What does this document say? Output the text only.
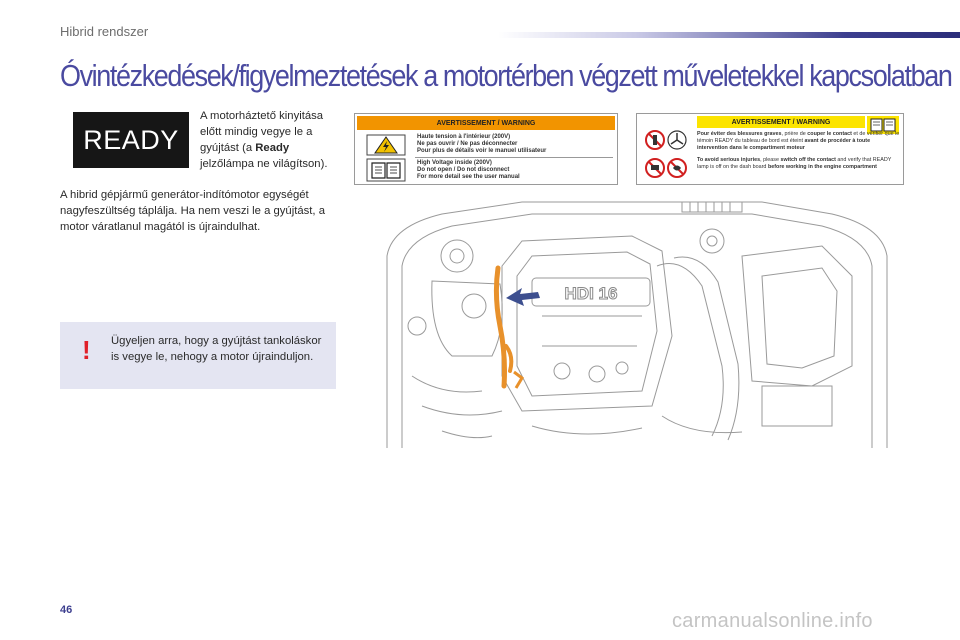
Hibrid rendszer
Óvintézkedések/figyelmeztetések a motortérben végzett műveletekkel kapcsolatban
READY

A motorháztető kinyitása előtt mindig vegye le a gyújtást (a Ready jelzőlámpa ne világítson).

A hibrid gépjármű generátor-indítómotor egységét nagyfeszültség táplálja. Ha nem veszi le a gyújtást, a motor váratlanul magától is újraindulhat.

! Ügyeljen arra, hogy a gyújtást tankoláskor is vegye le, nehogy a motor újrainduljon.

AVERTISSEMENT / WARNING
Haute tension à l'intérieur (200V)
Ne pas ouvrir / Ne pas déconnecter
Pour plus de détails voir le manuel utilisateur
High Voltage inside (200V)
Do not open / Do not disconnect
For more detail see the user manual
AVERTISSEMENT / WARNING

Pour éviter des blessures graves, prière de couper le contact et de vérifier que le témoin READY du tableau de bord est éteint avant de procéder à toute intervention dans le compartiment moteur

To avoid serious injuries, please switch off the contact and verify that READY lamp is off on the dash board before working in the engine compartment

HDI 16
46	carmanualsonline.info
